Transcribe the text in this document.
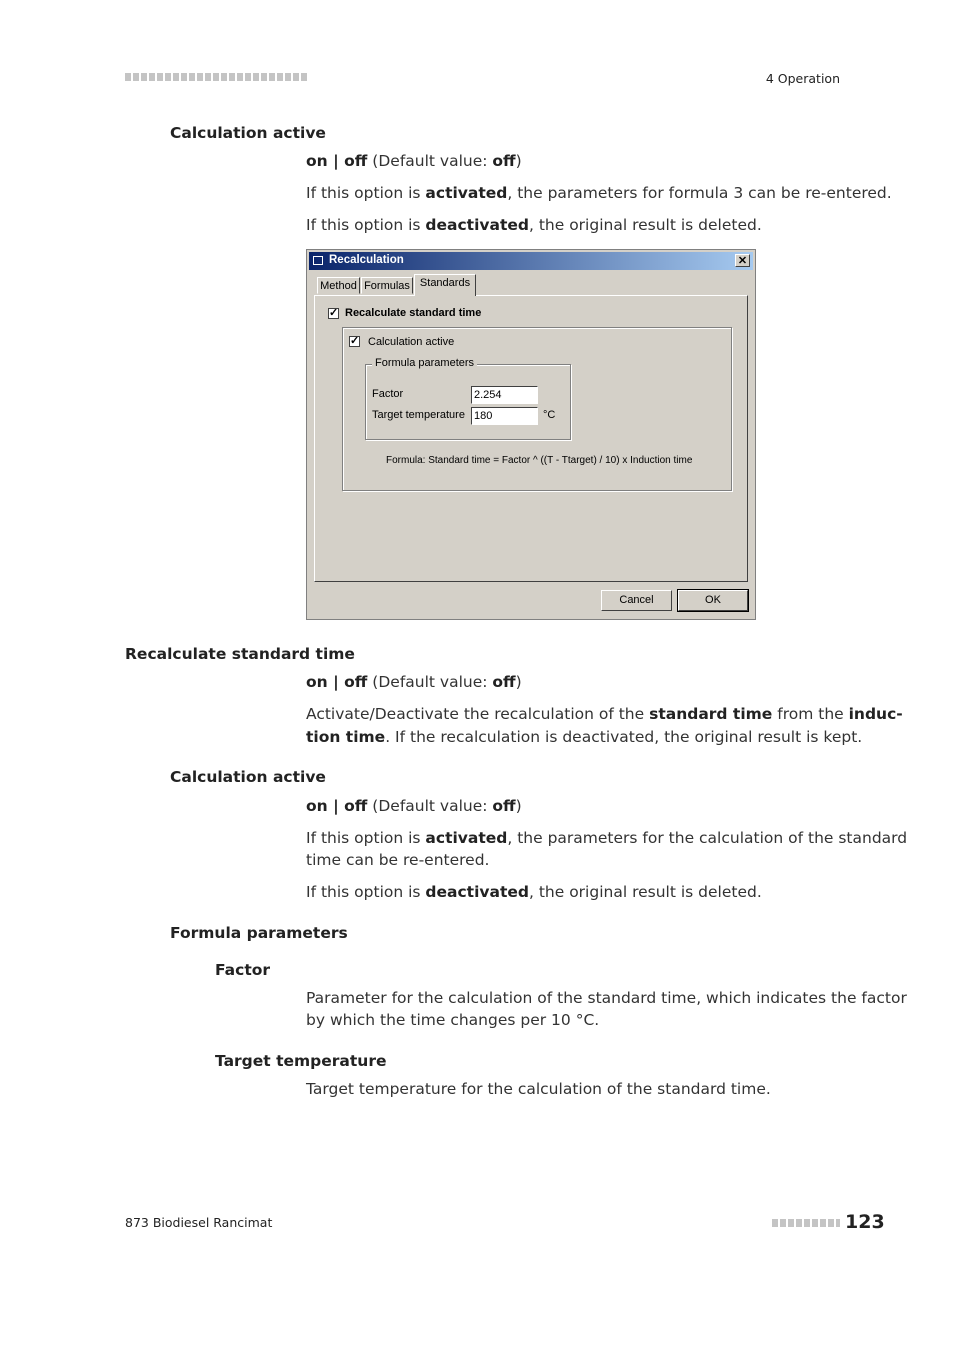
4 Operation
Calculation active
on | off (Default value: off)
If this option is activated, the parameters for formula 3 can be re-entered.
If this option is deactivated, the original result is deleted.
Recalculation	✕
Method Formulas Standards
✓ Recalculate standard time
✓ Calculation active
Formula parameters
Factor	2.254
Target temperature 180	°C
Formula: Standard time = Factor ^ ((T - Ttarget) / 10) x Induction time
Cancel	OK
Recalculate standard time
on | off (Default value: off)
Activate/Deactivate the recalculation of the standard time from the induc-
tion time. If the recalculation is deactivated, the original result is kept.
Calculation active
on | off (Default value: off)
If this option is activated, the parameters for the calculation of the standard
time can be re-entered.
If this option is deactivated, the original result is deleted.
Formula parameters
Factor
Parameter for the calculation of the standard time, which indicates the factor
by which the time changes per 10 °C.
Target temperature
Target temperature for the calculation of the standard time.
873 Biodiesel Rancimat	123
